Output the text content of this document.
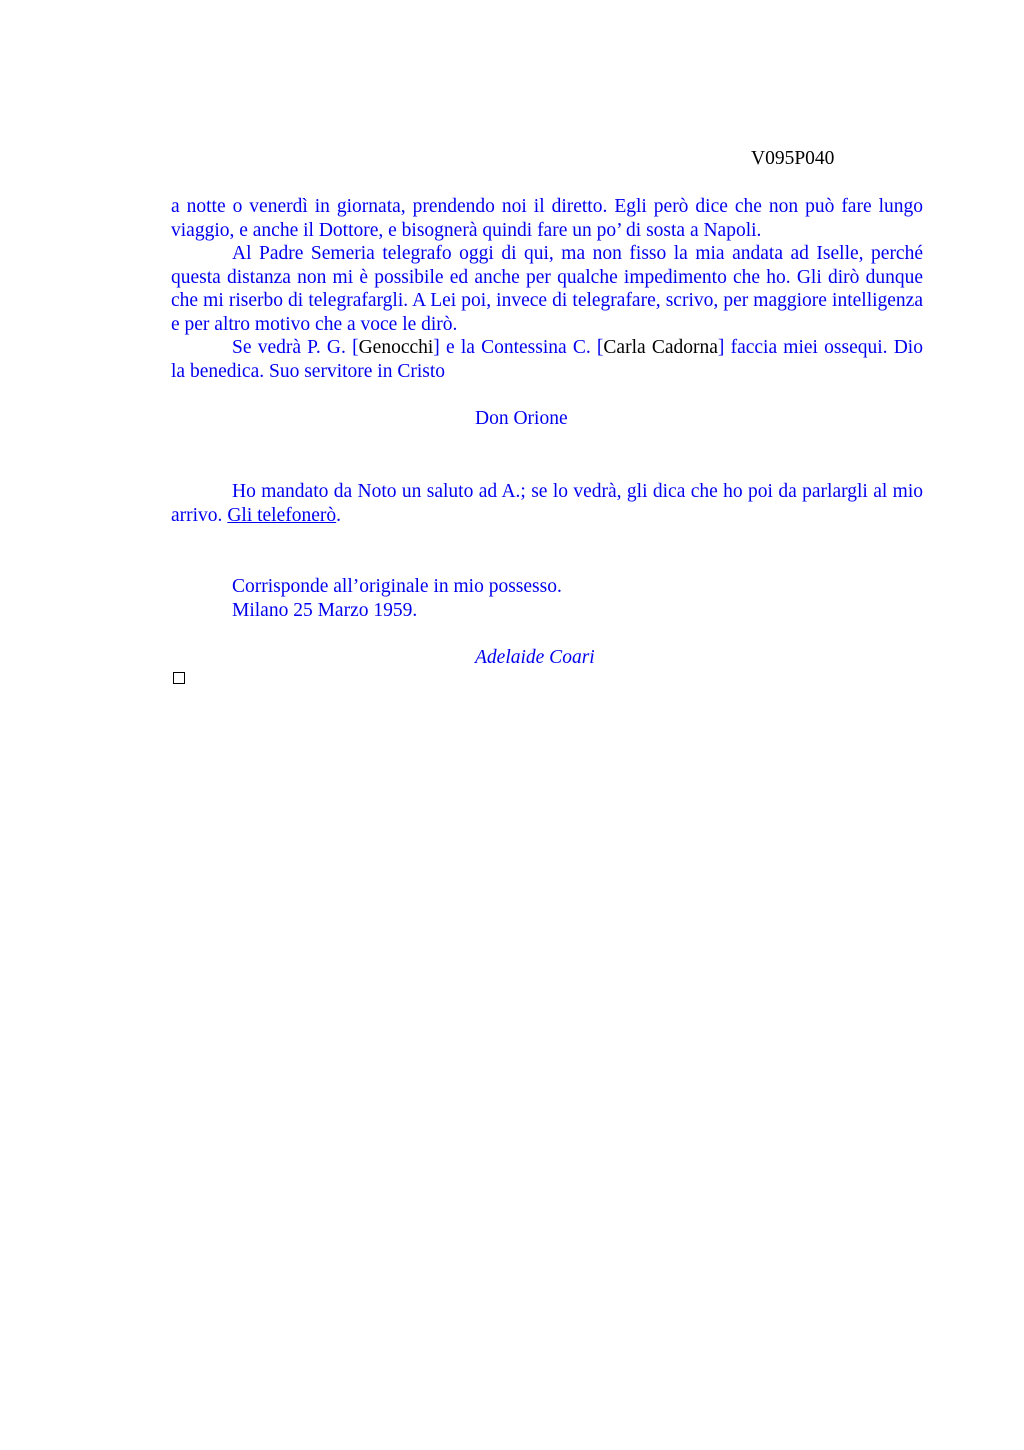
V095P040

a notte o venerdì in giornata, prendendo noi il diretto. Egli però dice che non può fare lungo viaggio, e anche il Dottore, e bisognerà quindi fare un po’ di sosta a Napoli.

Al Padre Semeria telegrafo oggi di qui, ma non fisso la mia andata ad Iselle, perché questa distanza non mi è possibile ed anche per qualche impedimento che ho. Gli dirò dunque che mi riserbo di telegrafargli. A Lei poi, invece di telegrafare, scrivo, per maggiore intelligenza e per altro motivo che a voce le dirò.

Se vedrà P. G. [Genocchi] e la Contessina C. [Carla Cadorna] faccia miei ossequi. Dio la benedica. Suo servitore in Cristo

Don Orione

Ho mandato da Noto un saluto ad A.; se lo vedrà, gli dica che ho poi da parlargli al mio arrivo. Gli telefonerò.

Corrisponde all’originale in mio possesso.

Milano 25 Marzo 1959.

Adelaide Coari
